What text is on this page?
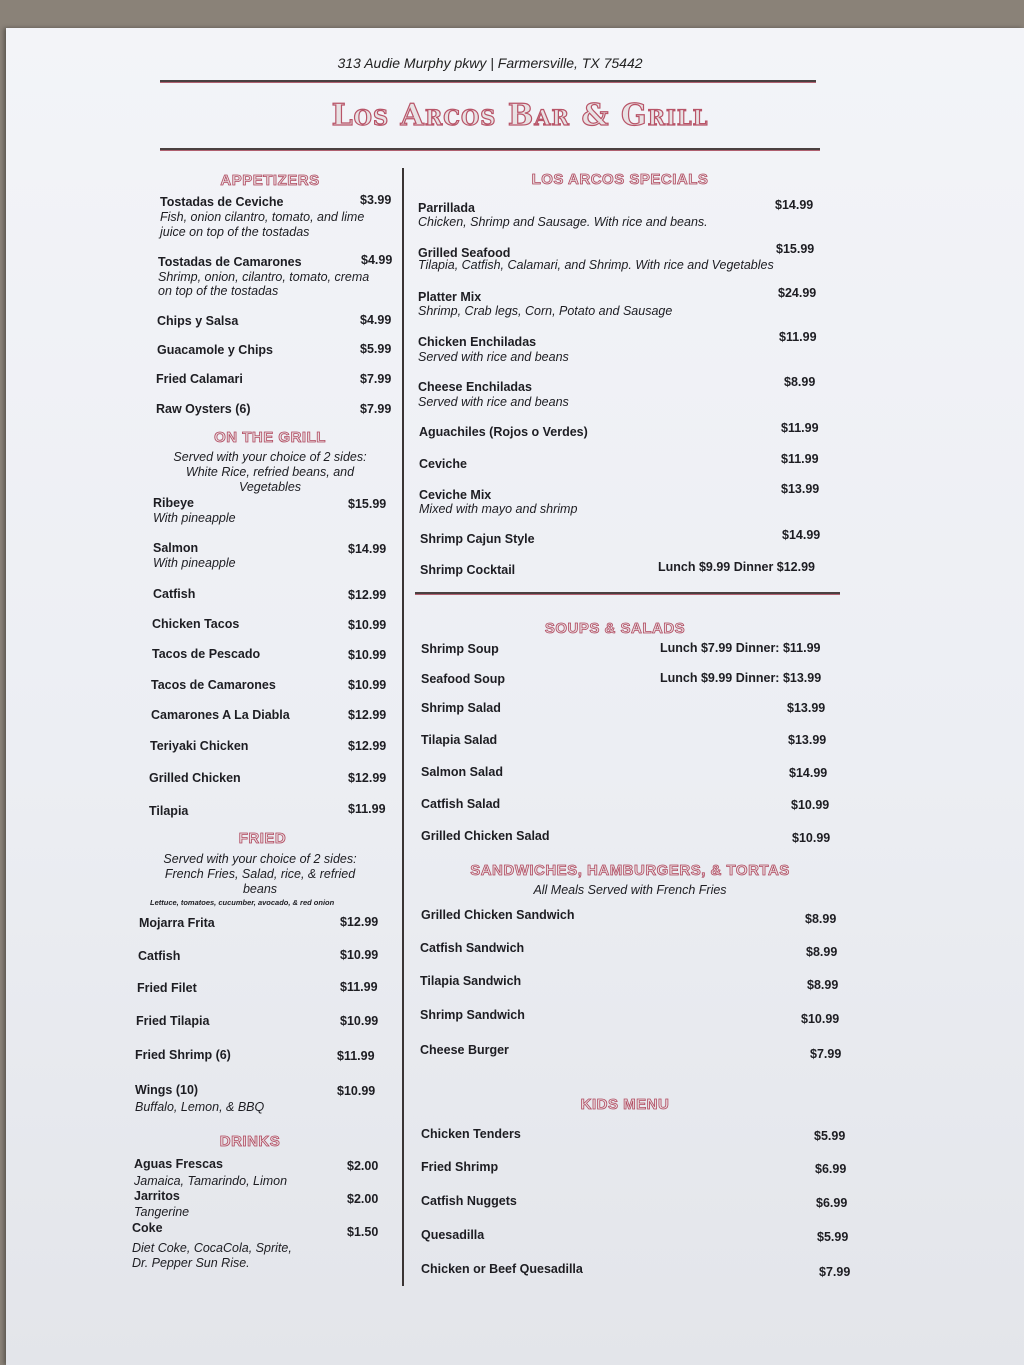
313 Audie Murphy pkwy | Farmersville, TX 75442
Los Arcos Bar & Grill
APPETIZERS
Tostadas de Ceviche	$3.99
Fish, onion cilantro, tomato, and lime
juice on top of the tostadas
Tostadas de Camarones	$4.99
Shrimp, onion, cilantro, tomato, crema
on top of the tostadas
Chips y Salsa	$4.99
Guacamole y Chips	$5.99
Fried Calamari	$7.99
Raw Oysters (6)	$7.99
ON THE GRILL
Served with your choice of 2 sides:
White Rice, refried beans, and
Vegetables
Ribeye	$15.99
With pineapple
Salmon	$14.99
With pineapple
Catfish	$12.99
Chicken Tacos	$10.99
Tacos de Pescado	$10.99
Tacos de Camarones	$10.99
Camarones A La Diabla	$12.99
Teriyaki Chicken	$12.99
Grilled Chicken	$12.99
Tilapia	$11.99
FRIED
Served with your choice of 2 sides:
French Fries, Salad, rice, & refried
beans
Lettuce, tomatoes, cucumber, avocado, & red onion
Mojarra Frita	$12.99
Catfish	$10.99
Fried Filet	$11.99
Fried Tilapia	$10.99
Fried Shrimp (6)	$11.99
Wings (10)	$10.99
Buffalo, Lemon, & BBQ
DRINKS
Aguas Frescas	$2.00
Jamaica, Tamarindo, Limon
Jarritos	$2.00
Tangerine
Coke	$1.50
Diet Coke, CocaCola, Sprite,
Dr. Pepper Sun Rise.
LOS ARCOS SPECIALS
Parrillada	$14.99
Chicken, Shrimp and Sausage. With rice and beans.
Grilled Seafood	$15.99
Tilapia, Catfish, Calamari, and Shrimp. With rice and Vegetables
Platter Mix	$24.99
Shrimp, Crab legs, Corn, Potato and Sausage
Chicken Enchiladas	$11.99
Served with rice and beans
Cheese Enchiladas	$8.99
Served with rice and beans
Aguachiles (Rojos o Verdes)	$11.99
Ceviche	$11.99
Ceviche Mix	$13.99
Mixed with mayo and shrimp
Shrimp Cajun Style	$14.99
Shrimp Cocktail	Lunch $9.99 Dinner $12.99
SOUPS & SALADS
Shrimp Soup	Lunch $7.99 Dinner: $11.99
Seafood Soup	Lunch $9.99 Dinner: $13.99
Shrimp Salad	$13.99
Tilapia Salad	$13.99
Salmon Salad	$14.99
Catfish Salad	$10.99
Grilled Chicken Salad	$10.99
SANDWICHES, HAMBURGERS, & TORTAS
All Meals Served with French Fries
Grilled Chicken Sandwich	$8.99
Catfish Sandwich	$8.99
Tilapia Sandwich	$8.99
Shrimp Sandwich	$10.99
Cheese Burger	$7.99
KIDS MENU
Chicken Tenders	$5.99
Fried Shrimp	$6.99
Catfish Nuggets	$6.99
Quesadilla	$5.99
Chicken or Beef Quesadilla	$7.99
